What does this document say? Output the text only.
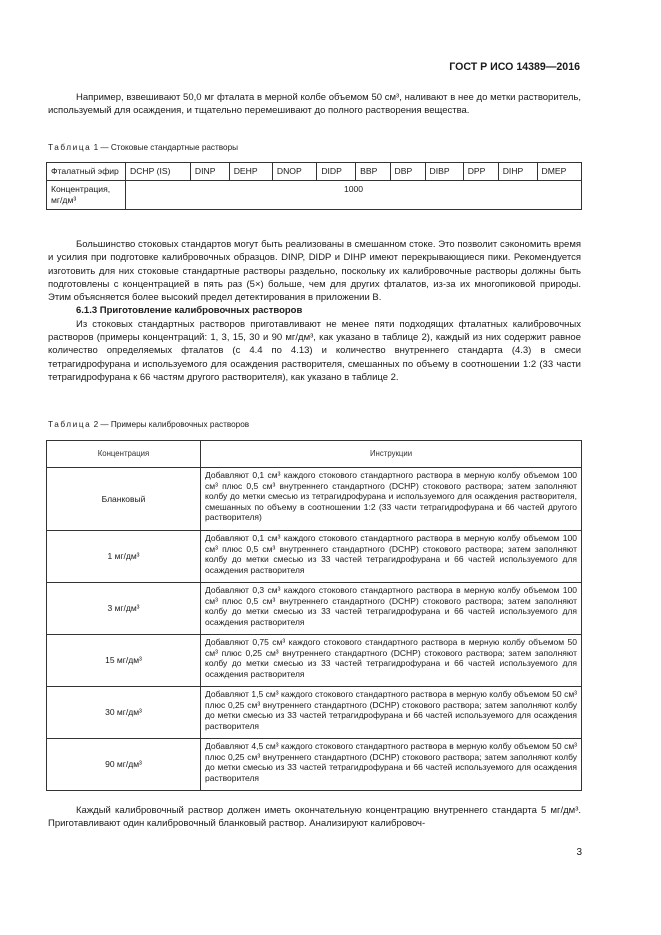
ГОСТ Р ИСО 14389—2016

Например, взвешивают 50,0 мг фталата в мерной колбе объемом 50 см³, наливают в нее до метки растворитель, используемый для осаждения, и тщательно перемешивают до полного растворения вещества.

Таблица 1 — Стоковые стандартные растворы
Фталатный эфир	DCHP (IS)	DINP	DEHP	DNOP	DIDP	BBP	DBP	DIBP	DPP	DIHP	DMEP
Концентрация, мг/дм³	1000										

Большинство стоковых стандартов могут быть реализованы в смешанном стоке. Это позволит сэкономить время и усилия при подготовке калибровочных образцов. DINP, DIDP и DIHP имеют перекрывающиеся пики. Рекомендуется изготовить для них стоковые стандартные растворы раздельно, поскольку их калибровочные растворы должны быть подготовлены с концентрацией в пять раз (5×) больше, чем для других фталатов, из-за их многопиковой природы. Этим объясняется более высокий предел детектирования в приложении В.

6.1.3 Приготовление калибровочных растворов

Из стоковых стандартных растворов приготавливают не менее пяти подходящих фталатных калибровочных растворов (примеры концентраций: 1, 3, 15, 30 и 90 мг/дм³, как указано в таблице 2), каждый из них содержит равное количество определяемых фталатов (с 4.4 по 4.13) и количество внутреннего стандарта (4.3) в смеси тетрагидрофурана и используемого для осаждения растворителя, смешанных по объему в соотношении 1:2 (33 части тетрагидрофурана к 66 частям другого растворителя), как указано в таблице 2.

Таблица 2 — Примеры калибровочных растворов
Концентрация	Инструкции
Бланковый	Добавляют 0,1 см³ каждого стокового стандартного раствора в мерную колбу объемом 100 см³ плюс 0,5 см³ внутреннего стандартного (DCHP) стокового раствора; затем заполняют колбу до метки смесью из тетрагидрофурана и используемого для осаждения растворителя, смешанных по объему в соотношении 1:2 (33 части тетрагидрофурана и 66 частей другого растворителя)
1 мг/дм³	Добавляют 0,1 см³ каждого стокового стандартного раствора в мерную колбу объемом 100 см³ плюс 0,5 см³ внутреннего стандартного (DCHP) стокового раствора; затем заполняют колбу до метки смесью из 33 частей тетрагидрофурана и 66 частей используемого для осаждения растворителя
3 мг/дм³	Добавляют 0,3 см³ каждого стокового стандартного раствора в мерную колбу объемом 100 см³ плюс 0,5 см³ внутреннего стандартного (DCHP) стокового раствора; затем заполняют колбу до метки смесью из 33 частей тетрагидрофурана и 66 частей используемого для осаждения растворителя
15 мг/дм³	Добавляют 0,75 см³ каждого стокового стандартного раствора в мерную колбу объемом 50 см³ плюс 0,25 см³ внутреннего стандартного (DCHP) стокового раствора; затем заполняют колбу до метки смесью из 33 частей тетрагидрофурана и 66 частей используемого для осаждения растворителя
30 мг/дм³	Добавляют 1,5 см³ каждого стокового стандартного раствора в мерную колбу объемом 50 см³ плюс 0,25 см³ внутреннего стандартного (DCHP) стокового раствора; затем заполняют колбу до метки смесью из 33 частей тетрагидрофурана и 66 частей используемого для осаждения растворителя
90 мг/дм³	Добавляют 4,5 см³ каждого стокового стандартного раствора в мерную колбу объемом 50 см³ плюс 0,25 см³ внутреннего стандартного (DCHP) стокового раствора; затем заполняют колбу до метки смесью из 33 частей тетрагидрофурана и 66 частей используемого для осаждения растворителя

Каждый калибровочный раствор должен иметь окончательную концентрацию внутреннего стандарта 5 мг/дм³. Приготавливают один калибровочный бланковый раствор. Анализируют калибровоч-

3
